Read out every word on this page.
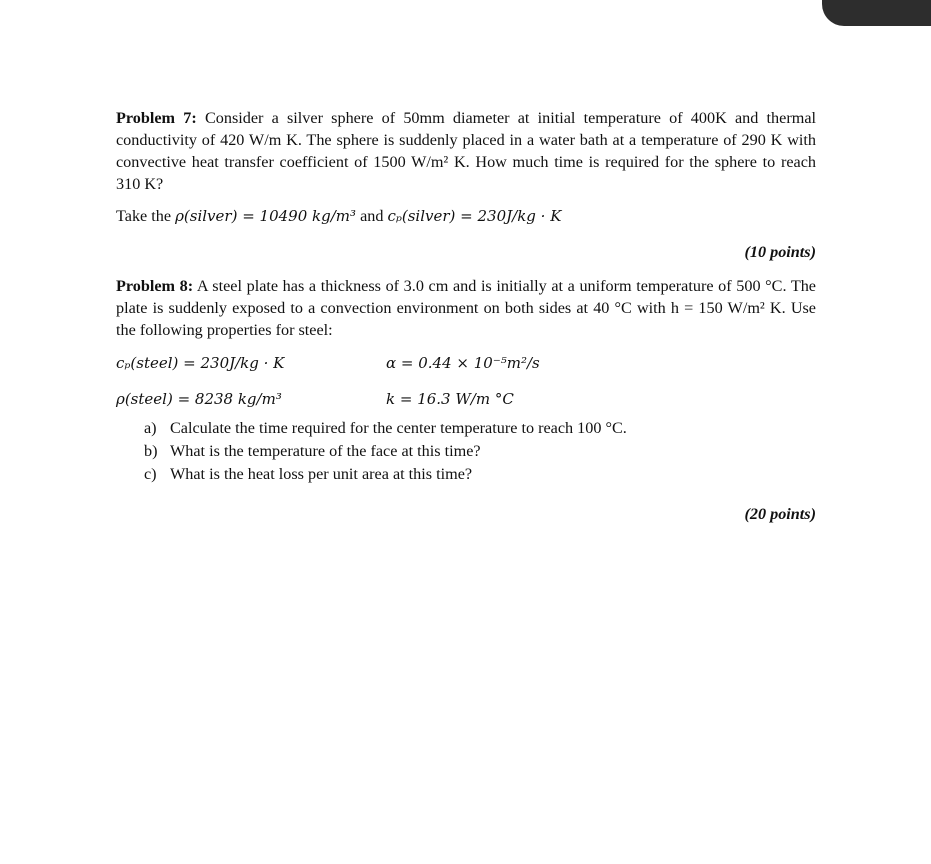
Problem 7: Consider a silver sphere of 50mm diameter at initial temperature of 400K and thermal conductivity of 420 W/m K. The sphere is suddenly placed in a water bath at a temperature of 290 K with convective heat transfer coefficient of 1500 W/m² K. How much time is required for the sphere to reach 310 K?

Take the ρ(silver) = 10490 kg/m³ and cₚ(silver) = 230J/kg · K

(10 points)

Problem 8: A steel plate has a thickness of 3.0 cm and is initially at a uniform temperature of 500 °C. The plate is suddenly exposed to a convection environment on both sides at 40 °C with h = 150 W/m² K. Use the following properties for steel:

cₚ(steel) = 230J/kg · K	α = 0.44 × 10⁻⁵m²/s
ρ(steel) = 8238 kg/m³	k = 16.3 W/m °C
a) Calculate the time required for the center temperature to reach 100 °C.
b) What is the temperature of the face at this time?
c) What is the heat loss per unit area at this time?

(20 points)
